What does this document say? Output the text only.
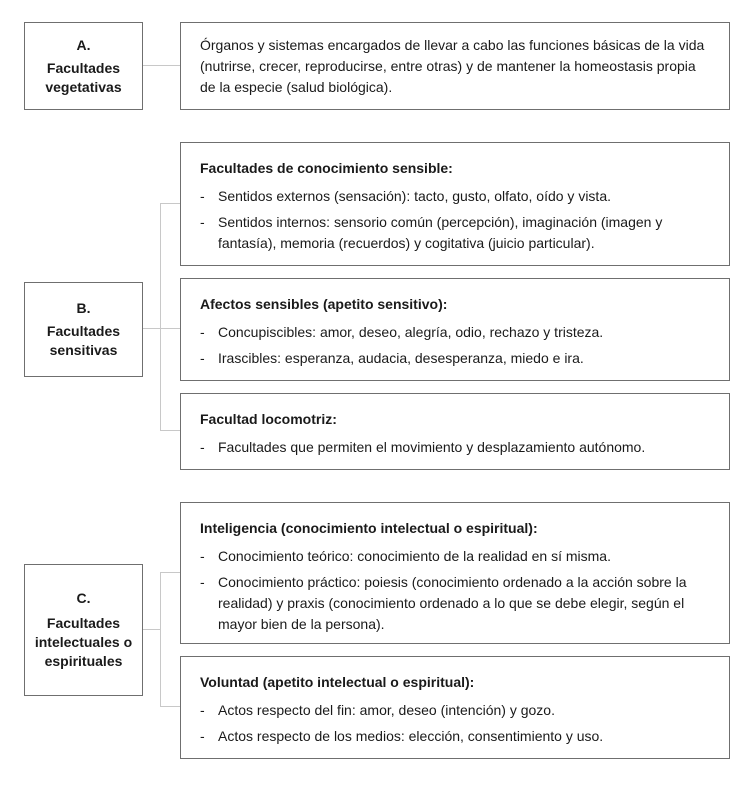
A.
Facultades vegetativas
Órganos y sistemas encargados de llevar a cabo las funciones básicas de la vida (nutrirse, crecer, reproducirse, entre otras) y de mantener la homeostasis propia de la especie (salud biológica).
B.
Facultades sensitivas
Facultades de conocimiento sensible:
- Sentidos externos (sensación): tacto, gusto, olfato, oído y vista.
- Sentidos internos: sensorio común (percepción), imaginación (imagen y fantasía), memoria (recuerdos) y cogitativa (juicio particular).
Afectos sensibles (apetito sensitivo):
- Concupiscibles: amor, deseo, alegría, odio, rechazo y tristeza.
- Irascibles: esperanza, audacia, desesperanza, miedo e ira.
Facultad locomotriz:
- Facultades que permiten el movimiento y desplazamiento autónomo.
C.
Facultades intelectuales o espirituales
Inteligencia (conocimiento intelectual o espiritual):
- Conocimiento teórico: conocimiento de la realidad en sí misma.
- Conocimiento práctico: poiesis (conocimiento ordenado a la acción sobre la realidad) y praxis (conocimiento ordenado a lo que se debe elegir, según el mayor bien de la persona).
Voluntad (apetito intelectual o espiritual):
- Actos respecto del fin: amor, deseo (intención) y gozo.
- Actos respecto de los medios: elección, consentimiento y uso.
